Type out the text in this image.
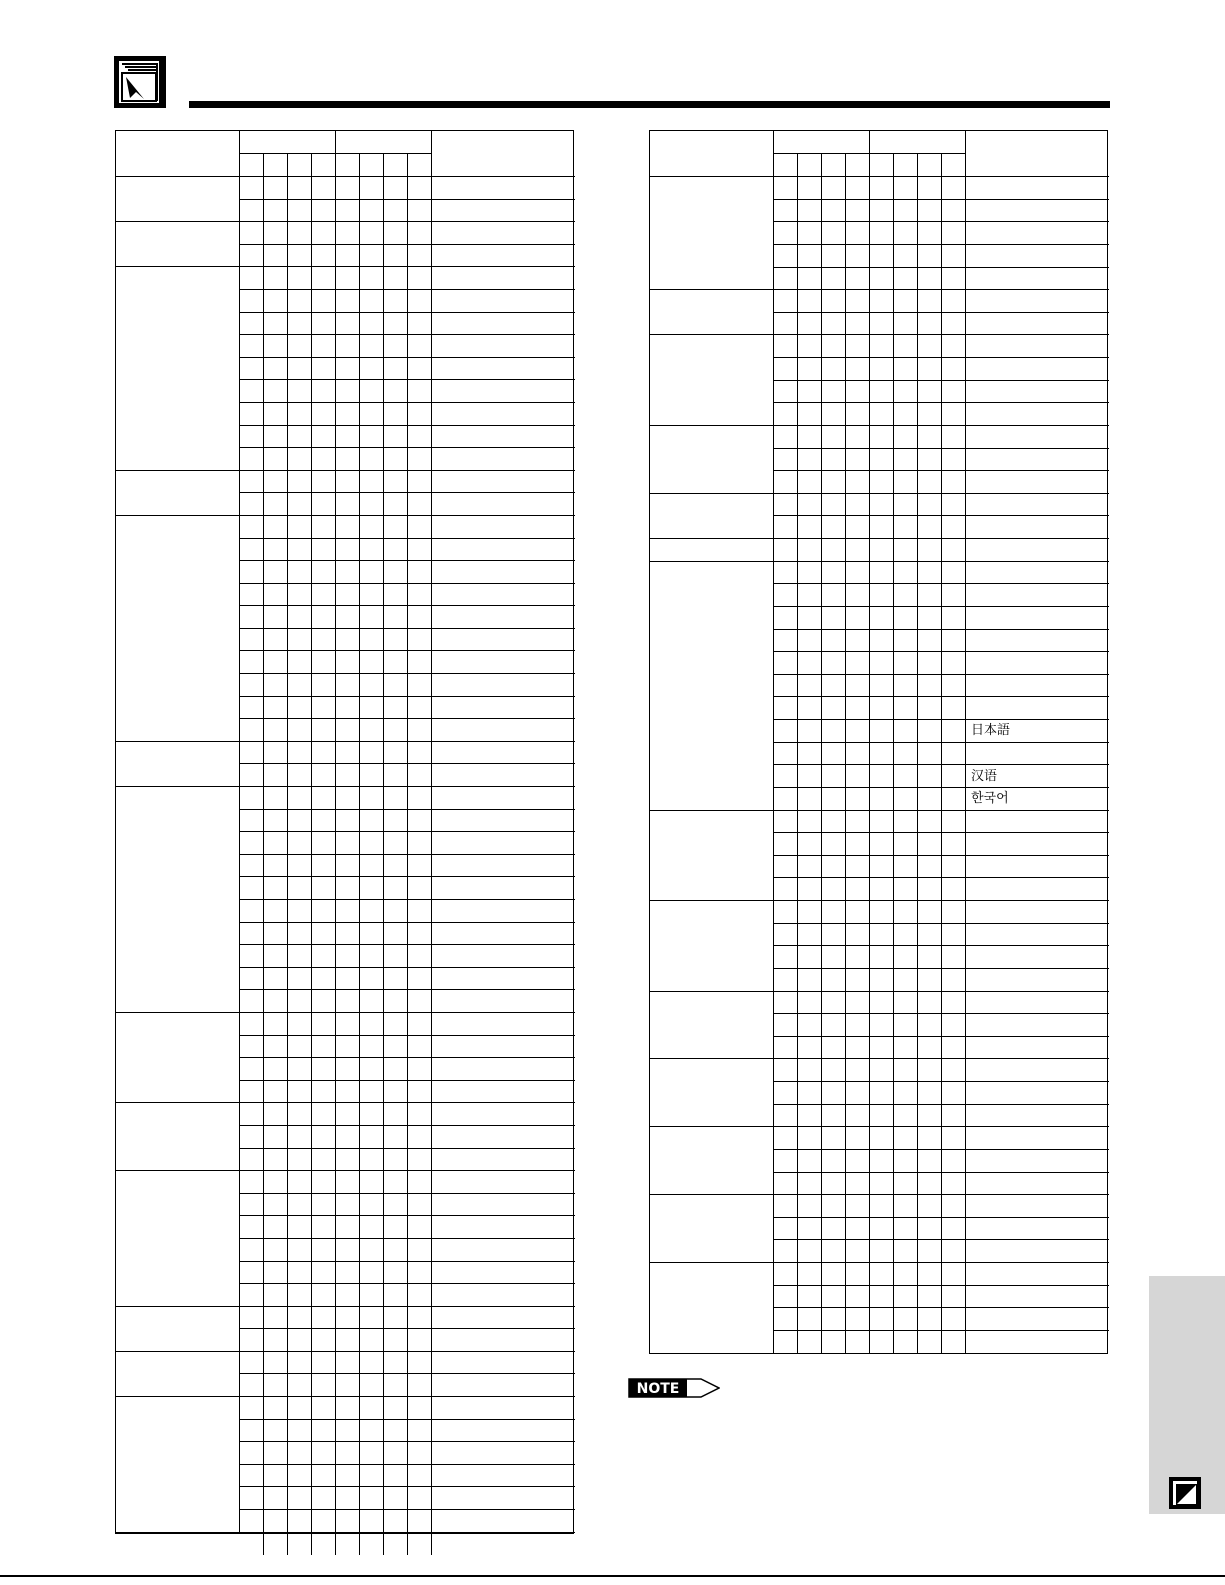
日本語
汉语
한국어
NOTE
